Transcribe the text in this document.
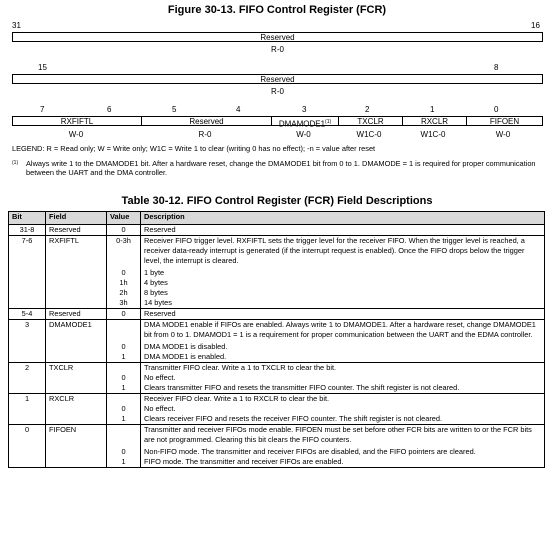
Figure 30-13. FIFO Control Register (FCR)
31	16
Reserved
R-0
15	8
Reserved
R-0
7	6	5	4	3	2	1	0
RXFIFTL	Reserved	DMAMODE1$^{(1)}$	TXCLR	RXCLR	FIFOEN
W-0	R-0	W-0	W1C-0	W1C-0	W-0
LEGEND: R = Read only; W = Write only; W1C = Write 1 to clear (writing 0 has no effect); -n = value after reset
$^{(1)}$	Always write 1 to the DMAMODE1 bit. After a hardware reset, change the DMAMODE1 bit from 0 to 1. DMAMODE = 1 is required for proper communication between the UART and the DMA controller.
Table 30-12. FIFO Control Register (FCR) Field Descriptions
Bit	Field	Value	Description
31-8	Reserved	0	Reserved
7-6	RXFIFTL	0-3h	Receiver FIFO trigger level. RXFIFTL sets the trigger level for the receiver FIFO. When the trigger level is reached, a receiver data-ready interrupt is generated (if the interrupt request is enabled). Once the FIFO drops below the trigger level, the interrupt is cleared.
		0	1 byte
		1h	4 bytes
		2h	8 bytes
		3h	14 bytes
5-4	Reserved	0	Reserved
3	DMAMODE1		DMA MODE1 enable if FIFOs are enabled. Always write 1 to DMAMODE1. After a hardware reset, change DMAMODE1 bit from 0 to 1. DMAMOD1 = 1 is a requirement for proper communication between the UART and the EDMA controller.
		0	DMA MODE1 is disabled.
		1	DMA MODE1 is enabled.
2	TXCLR		Transmitter FIFO clear. Write a 1 to TXCLR to clear the bit.
		0	No effect.
		1	Clears transmitter FIFO and resets the transmitter FIFO counter. The shift register is not cleared.
1	RXCLR		Receiver FIFO clear. Write a 1 to RXCLR to clear the bit.
		0	No effect.
		1	Clears receiver FIFO and resets the receiver FIFO counter. The shift register is not cleared.
0	FIFOEN		Transmitter and receiver FIFOs mode enable. FIFOEN must be set before other FCR bits are written to or the FCR bits are not programmed. Clearing this bit clears the FIFO counters.
		0	Non-FIFO mode. The transmitter and receiver FIFOs are disabled, and the FIFO pointers are cleared.
		1	FIFO mode. The transmitter and receiver FIFOs are enabled.
